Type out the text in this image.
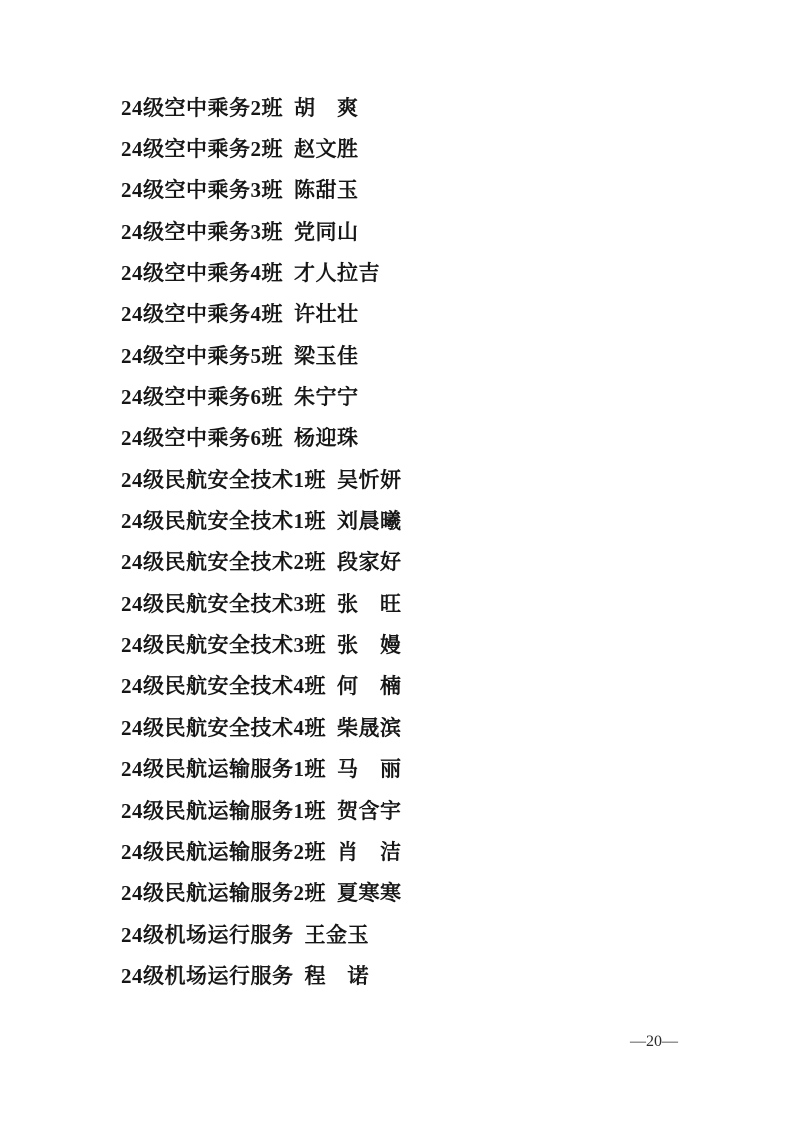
24级空中乘务2班 胡　爽
24级空中乘务2班 赵文胜
24级空中乘务3班 陈甜玉
24级空中乘务3班 党同山
24级空中乘务4班 才人拉吉
24级空中乘务4班 许壮壮
24级空中乘务5班 梁玉佳
24级空中乘务6班 朱宁宁
24级空中乘务6班 杨迎珠
24级民航安全技术1班 吴忻妍
24级民航安全技术1班 刘晨曦
24级民航安全技术2班 段家好
24级民航安全技术3班 张　旺
24级民航安全技术3班 张　嫚
24级民航安全技术4班 何　楠
24级民航安全技术4班 柴晟滨
24级民航运输服务1班 马　丽
24级民航运输服务1班 贺含宇
24级民航运输服务2班 肖　洁
24级民航运输服务2班 夏寒寒
24级机场运行服务 王金玉
24级机场运行服务 程　诺
—20—
